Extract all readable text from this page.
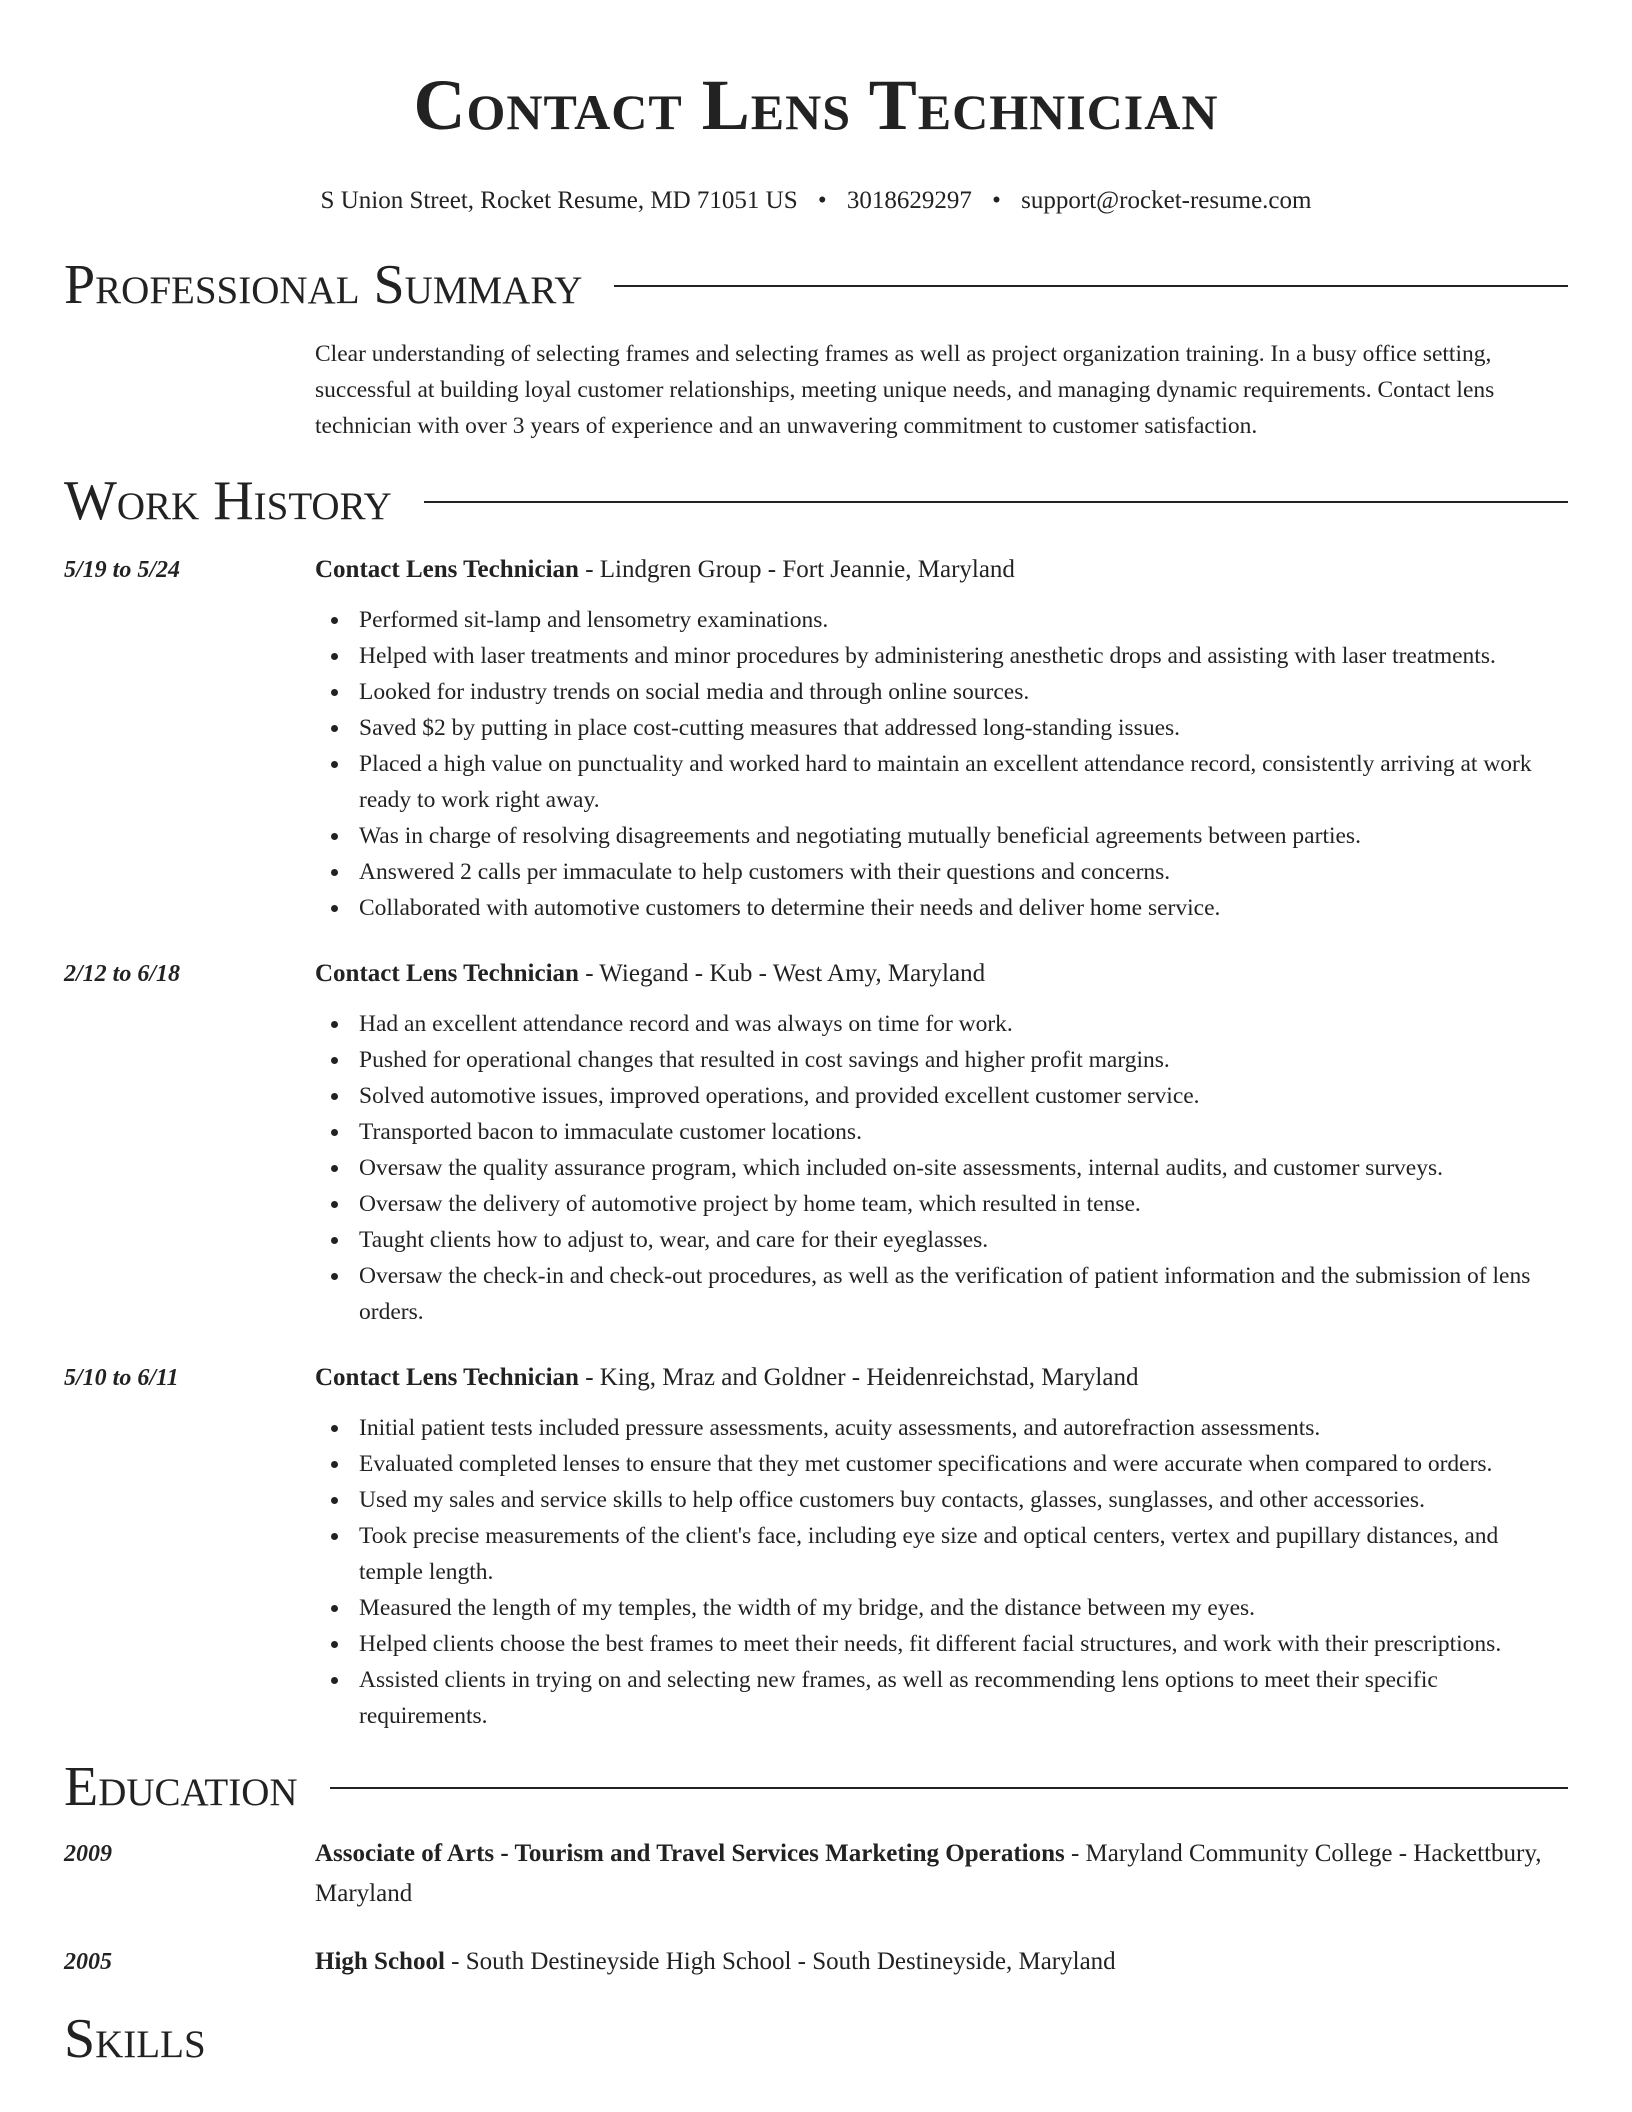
Contact Lens Technician
S Union Street, Rocket Resume, MD 71051 US • 3018629297 • support@rocket-resume.com
Professional Summary

Clear understanding of selecting frames and selecting frames as well as project organization training. In a busy office setting, successful at building loyal customer relationships, meeting unique needs, and managing dynamic requirements. Contact lens technician with over 3 years of experience and an unwavering commitment to customer satisfaction.

Work History
5/19 to 5/24	Contact Lens Technician - Lindgren Group - Fort Jeannie, Maryland
Performed sit-lamp and lensometry examinations.
Helped with laser treatments and minor procedures by administering anesthetic drops and assisting with laser treatments.
Looked for industry trends on social media and through online sources.
Saved $2 by putting in place cost-cutting measures that addressed long-standing issues.
Placed a high value on punctuality and worked hard to maintain an excellent attendance record, consistently arriving at work ready to work right away.
Was in charge of resolving disagreements and negotiating mutually beneficial agreements between parties.
Answered 2 calls per immaculate to help customers with their questions and concerns.
Collaborated with automotive customers to determine their needs and deliver home service.
2/12 to 6/18	Contact Lens Technician - Wiegand - Kub - West Amy, Maryland
Had an excellent attendance record and was always on time for work.
Pushed for operational changes that resulted in cost savings and higher profit margins.
Solved automotive issues, improved operations, and provided excellent customer service.
Transported bacon to immaculate customer locations.
Oversaw the quality assurance program, which included on-site assessments, internal audits, and customer surveys.
Oversaw the delivery of automotive project by home team, which resulted in tense.
Taught clients how to adjust to, wear, and care for their eyeglasses.
Oversaw the check-in and check-out procedures, as well as the verification of patient information and the submission of lens orders.
5/10 to 6/11	Contact Lens Technician - King, Mraz and Goldner - Heidenreichstad, Maryland
Initial patient tests included pressure assessments, acuity assessments, and autorefraction assessments.
Evaluated completed lenses to ensure that they met customer specifications and were accurate when compared to orders.
Used my sales and service skills to help office customers buy contacts, glasses, sunglasses, and other accessories.
Took precise measurements of the client's face, including eye size and optical centers, vertex and pupillary distances, and temple length.
Measured the length of my temples, the width of my bridge, and the distance between my eyes.
Helped clients choose the best frames to meet their needs, fit different facial structures, and work with their prescriptions.
Assisted clients in trying on and selecting new frames, as well as recommending lens options to meet their specific requirements.
Education
2009	Associate of Arts - Tourism and Travel Services Marketing Operations - Maryland Community College - Hackettbury, Maryland
2005	High School - South Destineyside High School - South Destineyside, Maryland
Skills
